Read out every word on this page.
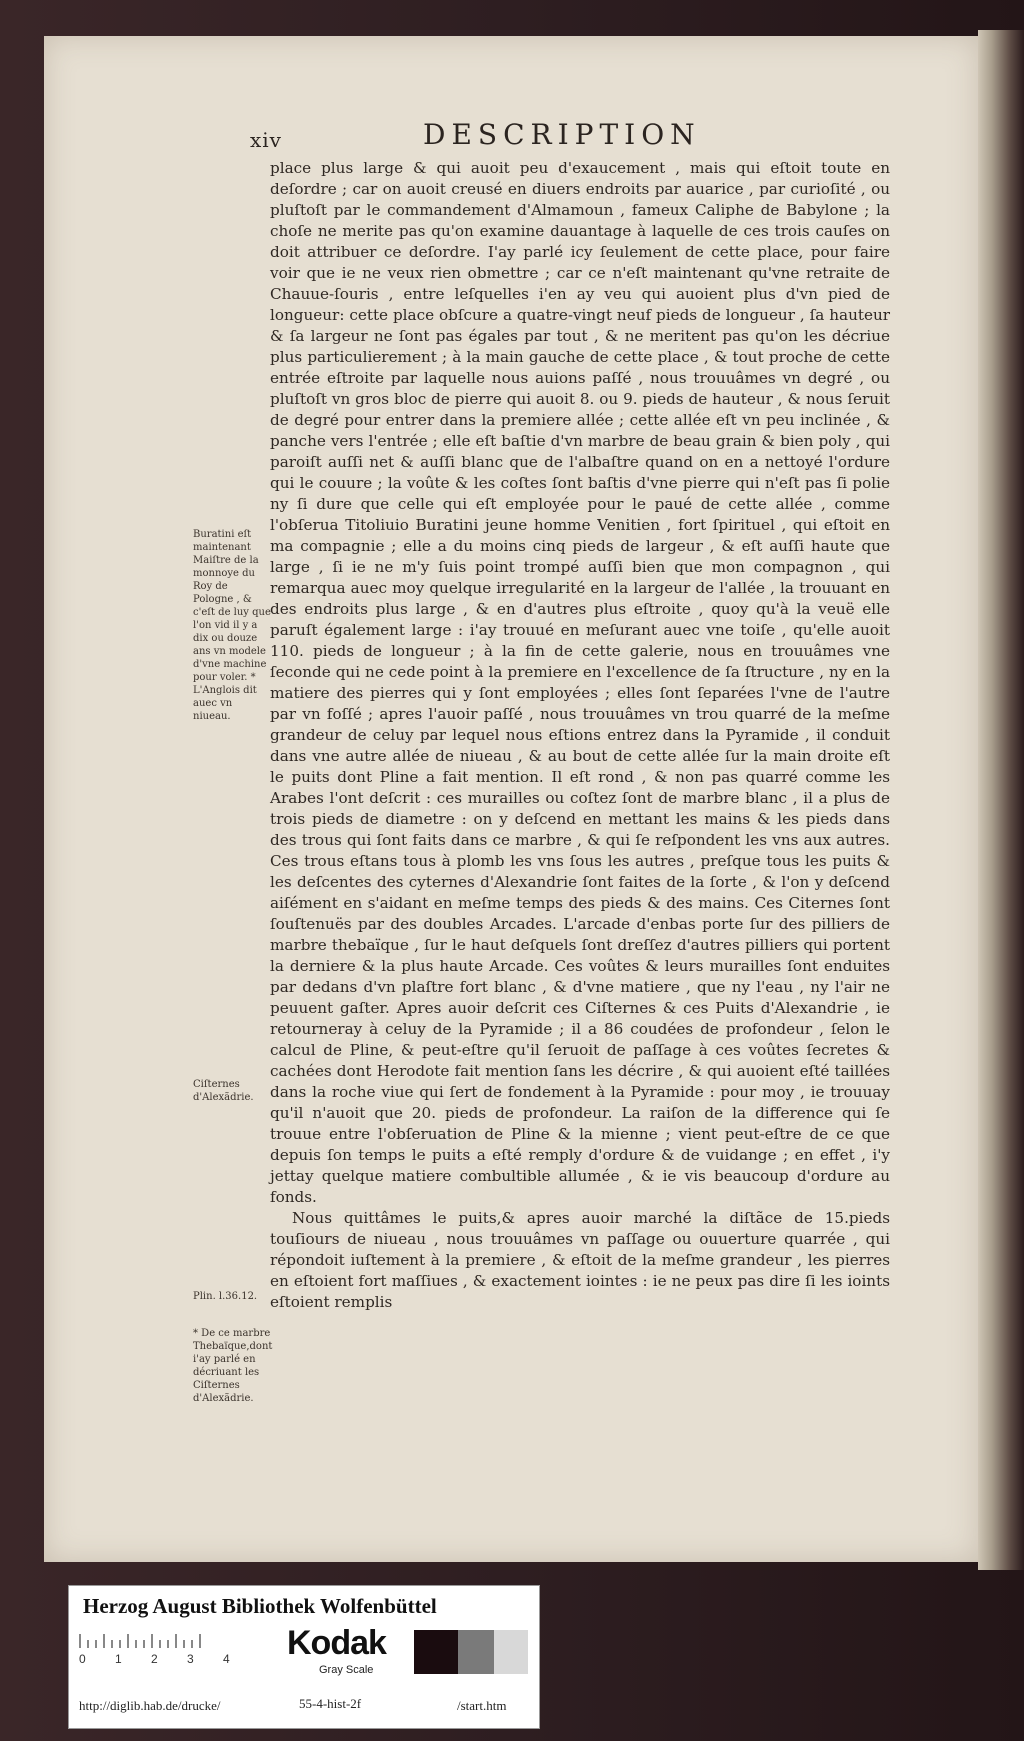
xiv	DESCRIPTION

place plus large & qui auoit peu d'exaucement , mais qui eſtoit toute en deſordre ; car on auoit creusé en diuers endroits par auarice , par curioſité , ou pluſtoſt par le commandement d'Almamoun , fameux Caliphe de Babylone ; la choſe ne merite pas qu'on examine dauantage à laquelle de ces trois cauſes on doit attribuer ce deſordre. I'ay parlé icy ſeulement de cette place, pour faire voir que ie ne veux rien obmettre ; car ce n'eſt maintenant qu'vne retraite de Chauue-ſouris , entre leſquelles i'en ay veu qui auoient plus d'vn pied de longueur: cette place obſcure a quatre-vingt neuf pieds de longueur , ſa hauteur & ſa largeur ne ſont pas égales par tout , & ne meritent pas qu'on les décriue plus particulierement ; à la main gauche de cette place , & tout proche de cette entrée eſtroite par laquelle nous auions paſſé , nous trouuâmes vn degré , ou pluſtoſt vn gros bloc de pierre qui auoit 8. ou 9. pieds de hauteur , & nous ſeruit de degré pour entrer dans la premiere allée ; cette allée eſt vn peu inclinée , & panche vers l'entrée ; elle eſt baſtie d'vn marbre de beau grain & bien poly , qui paroiſt auſſi net & auſſi blanc que de l'albaſtre quand on en a nettoyé l'ordure qui le couure ; la voûte & les coſtes ſont baſtis d'vne pierre qui n'eſt pas ſi polie ny ſi dure que celle qui eſt employée pour le paué de cette allée , comme l'obſerua Titoliuio Buratini jeune homme Venitien , fort ſpirituel , qui eſtoit en ma compagnie ; elle a du moins cinq pieds de largeur , & eſt auſſi haute que large , ſi ie ne m'y ſuis point trompé auſſi bien que mon compagnon , qui remarqua auec moy quelque irregularité en la largeur de l'allée , la trouuant en des endroits plus large , & en d'autres plus eſtroite , quoy qu'à la veuë elle paruſt également large : i'ay trouué en meſurant auec vne toiſe , qu'elle auoit 110. pieds de longueur ; à la fin de cette galerie, nous en trouuâmes vne ſeconde qui ne cede point à la premiere en l'excellence de ſa ſtructure , ny en la matiere des pierres qui y ſont employées ; elles ſont ſeparées l'vne de l'autre par vn foſſé ; apres l'auoir paſſé , nous trouuâmes vn trou quarré de la meſme grandeur de celuy par lequel nous eſtions entrez dans la Pyramide , il conduit dans vne autre allée de niueau , & au bout de cette allée ſur la main droite eſt le puits dont Pline a fait mention. Il eſt rond , & non pas quarré comme les Arabes l'ont deſcrit : ces murailles ou coſtez ſont de marbre blanc , il a plus de trois pieds de diametre : on y deſcend en mettant les mains & les pieds dans des trous qui ſont faits dans ce marbre , & qui ſe reſpondent les vns aux autres. Ces trous eſtans tous à plomb les vns ſous les autres , preſque tous les puits & les deſcentes des cyternes d'Alexandrie ſont faites de la ſorte , & l'on y deſcend aiſément en s'aidant en meſme temps des pieds & des mains. Ces Citernes ſont ſouſtenuës par des doubles Arcades. L'arcade d'enbas porte ſur des pilliers de marbre thebaïque , ſur le haut deſquels ſont dreſſez d'autres pilliers qui portent la derniere & la plus haute Arcade. Ces voûtes & leurs murailles ſont enduites par dedans d'vn plaſtre fort blanc , & d'vne matiere , que ny l'eau , ny l'air ne peuuent gaſter. Apres auoir deſcrit ces Ciſternes & ces Puits d'Alexandrie , ie retourneray à celuy de la Pyramide ; il a 86 coudées de profondeur , ſelon le calcul de Pline, & peut-eſtre qu'il ſeruoit de paſſage à ces voûtes ſecretes & cachées dont Herodote fait mention ſans les décrire , & qui auoient eſté taillées dans la roche viue qui ſert de fondement à la Pyramide : pour moy , ie trouuay qu'il n'auoit que 20. pieds de profondeur. La raiſon de la difference qui ſe trouue entre l'obſeruation de Pline & la mienne ; vient peut-eſtre de ce que depuis ſon temps le puits a eſté remply d'ordure & de vuidange ; en effet , i'y jettay quelque matiere combultible allumée , & ie vis beaucoup d'ordure au fonds.

Nous quittâmes le puits,& apres auoir marché la diſtãce de 15.pieds touſiours de niueau , nous trouuâmes vn paſſage ou ouuerture quarrée , qui répondoit iuſtement à la premiere , & eſtoit de la meſme grandeur , les pierres en eſtoient fort maſſiues , & exactement iointes : ie ne peux pas dire ſi les ioints eſtoient remplis

Buratini eſt maintenant Maiſtre de la monnoye du Roy de Pologne , & c'eſt de luy que l'on vid il y a dix ou douze ans vn modele d'vne machine pour voler. * L'Anglois dit auec vn niueau.

Ciſternes d'Alexãdrie.

Plin. l.36.12.

* De ce marbre Thebaïque,dont i'ay parlé en décriuant les Ciſternes d'Alexãdrie.

Herzog August Bibliothek Wolfenbüttel
0 1 2 3 4	Kodak
Gray Scale
http://diglib.hab.de/drucke/	55-4-hist-2f	/start.htm
